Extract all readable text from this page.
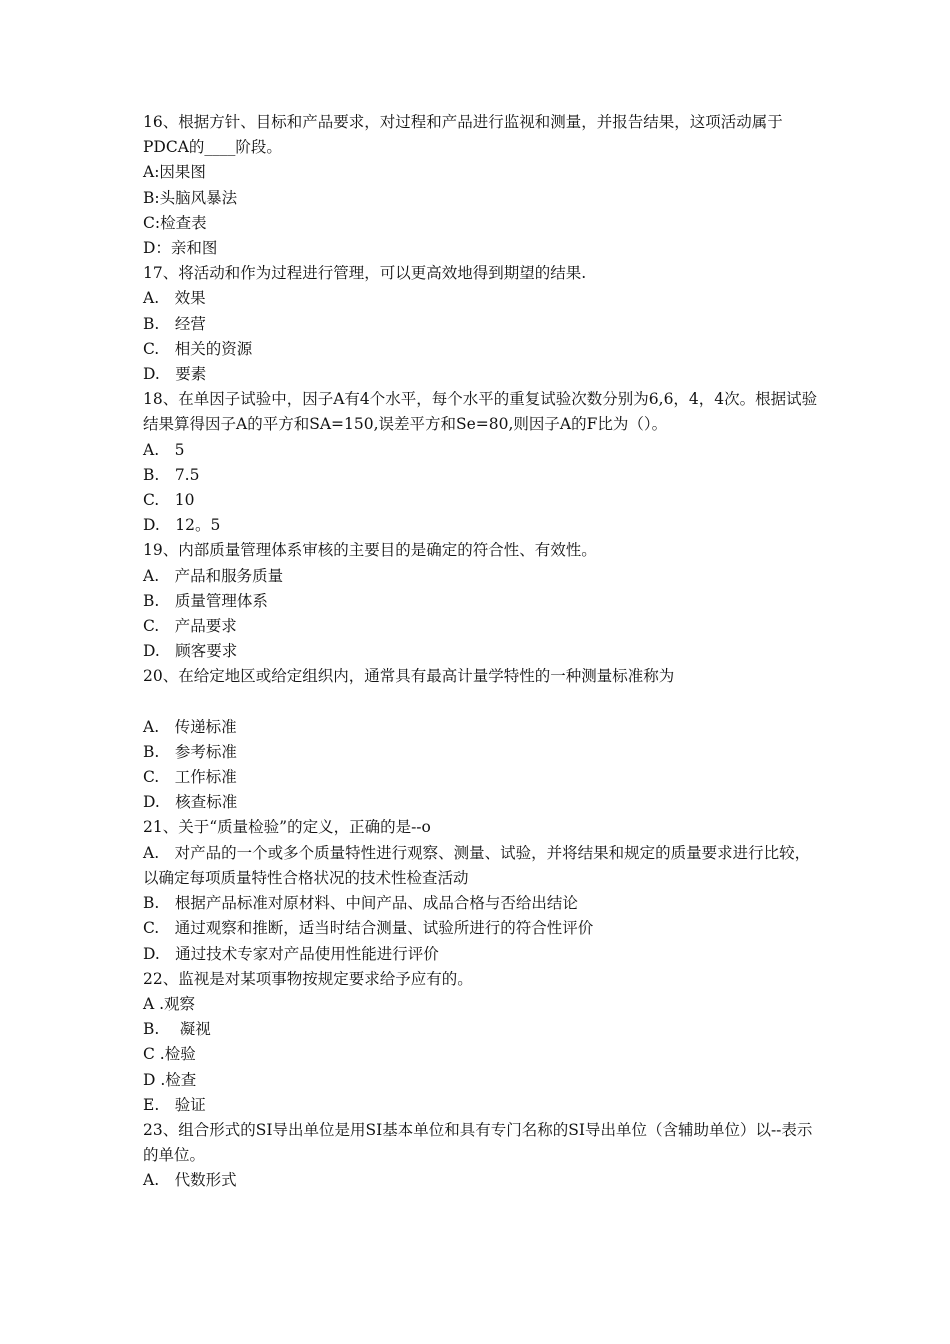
16、根据方针、目标和产品要求，对过程和产品进行监视和测量，并报告结果，这项活动属于PDCA的____阶段。
A:因果图
B:头脑风暴法
C:检查表
D：亲和图
17、将活动和作为过程进行管理，可以更高效地得到期望的结果.
A.　效果
B.　经营
C.　相关的资源
D.　要素
18、在单因子试验中，因子A有4个水平，每个水平的重复试验次数分别为6,6，4，4次。根据试验结果算得因子A的平方和SA=150,误差平方和Se=80,则因子A的F比为（）。
A.　5
B.　7.5
C.　10
D.　12。5
19、内部质量管理体系审核的主要目的是确定的符合性、有效性。
A.　产品和服务质量
B.　质量管理体系
C.　产品要求
D.　顾客要求
20、在给定地区或给定组织内，通常具有最高计量学特性的一种测量标准称为
A.　传递标准
B.　参考标准
C.　工作标准
D.　核查标准
21、关于“质量检验”的定义，正确的是--o
A.　对产品的一个或多个质量特性进行观察、测量、试验，并将结果和规定的质量要求进行比较，以确定每项质量特性合格状况的技术性检查活动
B.　根据产品标准对原材料、中间产品、成品合格与否给出结论
C.　通过观察和推断，适当时结合测量、试验所进行的符合性评价
D.　通过技术专家对产品使用性能进行评价
22、监视是对某项事物按规定要求给予应有的。
A .观察
B.　 凝视
C .检验
D .检查
E.　验证
23、组合形式的SI导出单位是用SI基本单位和具有专门名称的SI导出单位（含辅助单位）以--表示的单位。
A.　代数形式
